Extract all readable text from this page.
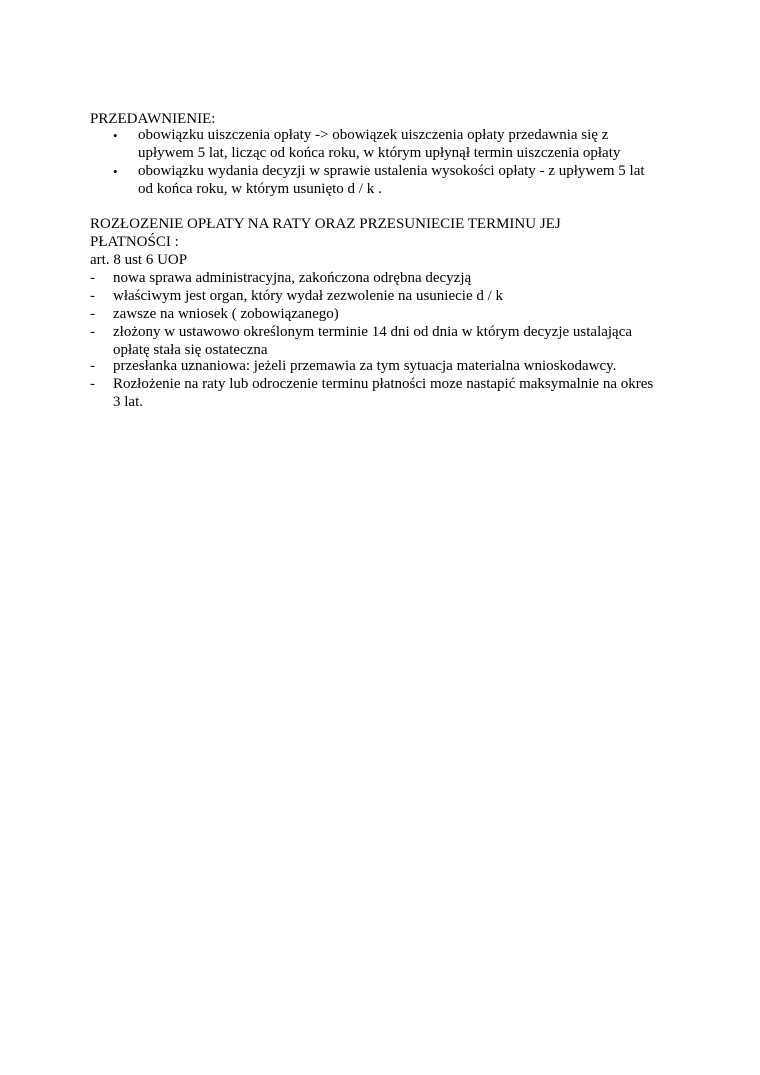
PRZEDAWNIENIE:
• obowiązku uiszczenia opłaty -> obowiązek uiszczenia opłaty przedawnia się z
upływem 5 lat, licząc od końca roku, w którym upłynął termin uiszczenia opłaty
• obowiązku wydania decyzji w sprawie ustalenia wysokości opłaty - z upływem 5 lat
od końca roku, w którym usunięto d / k .
ROZŁOZENIE OPŁATY NA RATY ORAZ PRZESUNIECIE TERMINU JEJ
PŁATNOŚCI :
art. 8 ust 6 UOP
- nowa sprawa administracyjna, zakończona odrębna decyzją
- właściwym jest organ, który wydał zezwolenie na usuniecie d / k
- zawsze na wniosek ( zobowiązanego)
- złożony w ustawowo określonym terminie 14 dni od dnia w którym decyzje ustalająca
opłatę stała się ostateczna
- przesłanka uznaniowa: jeżeli przemawia za tym sytuacja materialna wnioskodawcy.
- Rozłożenie na raty lub odroczenie terminu płatności moze nastapić maksymalnie na okres
3 lat.
